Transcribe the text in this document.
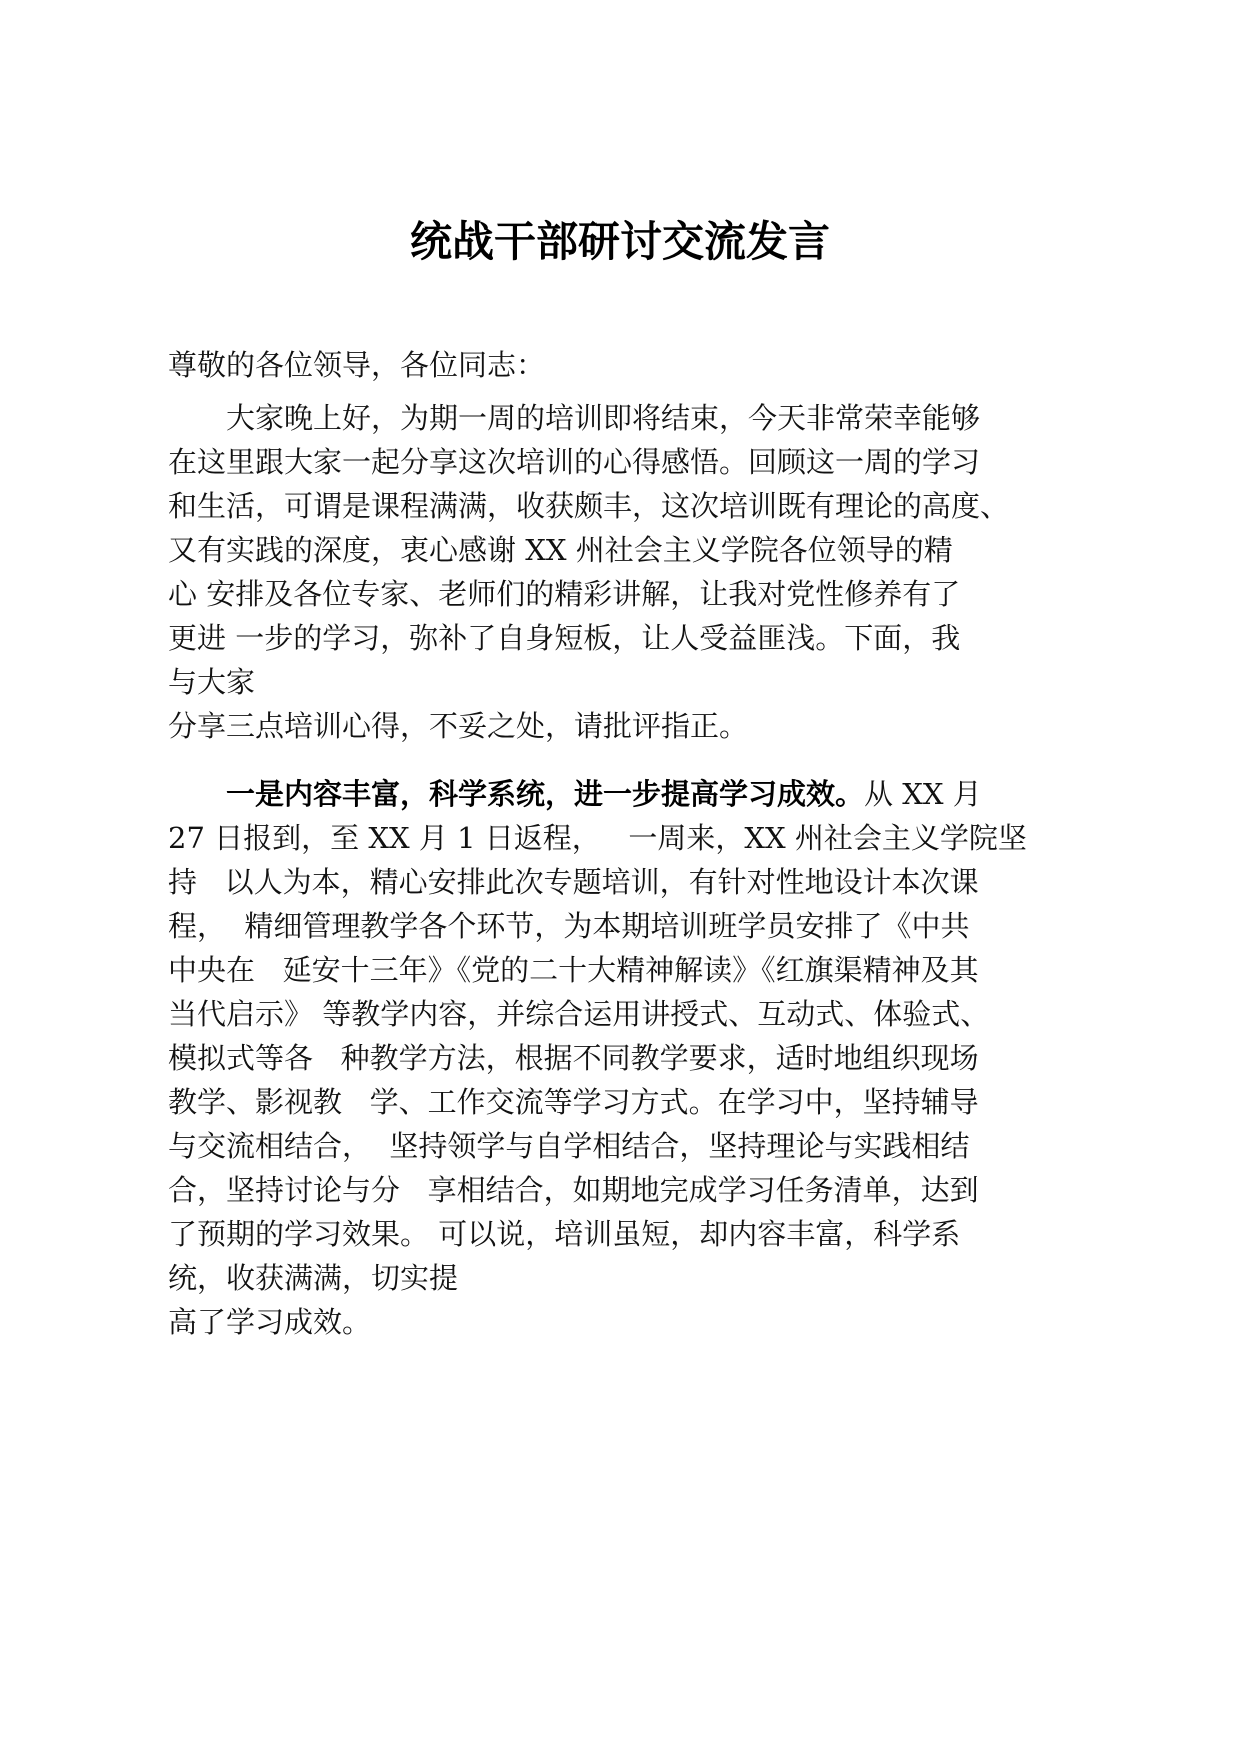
统战干部研讨交流发言

尊敬的各位领导，各位同志：

　　大家晚上好，为期一周的培训即将结束，今天非常荣幸能够

在这里跟大家一起分享这次培训的心得感悟。回顾这一周的学习

和生活，可谓是课程满满，收获颇丰，这次培训既有理论的高度、

又有实践的深度，衷心感谢 XX 州社会主义学院各位领导的精

心 安排及各位专家、老师们的精彩讲解，让我对党性修养有了

更进 一步的学习，弥补了自身短板，让人受益匪浅。下面，我

与大家

分享三点培训心得，不妥之处，请批评指正。

　　一是内容丰富，科学系统，进一步提高学习成效。从 XX 月

27 日报到，至 XX 月 1 日返程，   一周来，XX 州社会主义学院坚

持   以人为本，精心安排此次专题培训，有针对性地设计本次课

程，  精细管理教学各个环节，为本期培训班学员安排了《中共

中央在   延安十三年》《党的二十大精神解读》《红旗渠精神及其

当代启示》 等教学内容，并综合运用讲授式、互动式、体验式、

模拟式等各   种教学方法，根据不同教学要求，适时地组织现场

教学、影视教   学、工作交流等学习方式。在学习中，坚持辅导

与交流相结合，  坚持领学与自学相结合，坚持理论与实践相结

合，坚持讨论与分   享相结合，如期地完成学习任务清单，达到

了预期的学习效果。 可以说，培训虽短，却内容丰富，科学系

统，收获满满，切实提

高了学习成效。
